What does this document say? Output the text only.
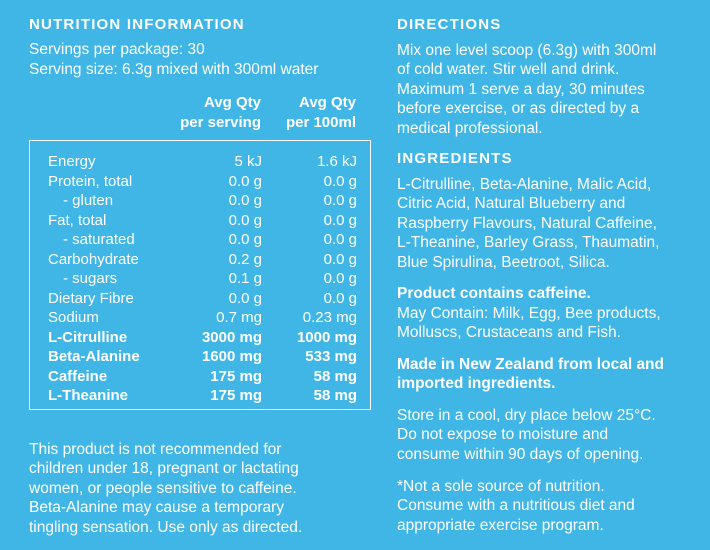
NUTRITION INFORMATION
Servings per package: 30
Serving size: 6.3g mixed with 300ml water
Avg Qty
per serving
Avg Qty
per 100ml
Energy	5 kJ	1.6 kJ
Protein, total	0.0 g	0.0 g
- gluten	0.0 g	0.0 g
Fat, total	0.0 g	0.0 g
- saturated	0.0 g	0.0 g
Carbohydrate	0.2 g	0.0 g
- sugars	0.1 g	0.0 g
Dietary Fibre	0.0 g	0.0 g
Sodium	0.7 mg	0.23 mg
L-Citrulline	3000 mg 1000 mg
Beta-Alanine	1600 mg	533 mg
Caffeine	175 mg	58 mg
L-Theanine	175 mg	58 mg
This product is not recommended for
children under 18, pregnant or lactating
women, or people sensitive to caffeine.
Beta-Alanine may cause a temporary
tingling sensation. Use only as directed.
DIRECTIONS
Mix one level scoop (6.3g) with 300ml
of cold water. Stir well and drink.
Maximum 1 serve a day, 30 minutes
before exercise, or as directed by a
medical professional.
INGREDIENTS
L-Citrulline, Beta-Alanine, Malic Acid,
Citric Acid, Natural Blueberry and
Raspberry Flavours, Natural Caffeine,
L-Theanine, Barley Grass, Thaumatin,
Blue Spirulina, Beetroot, Silica.
Product contains caffeine.
May Contain: Milk, Egg, Bee products,
Molluscs, Crustaceans and Fish.
Made in New Zealand from local and
imported ingredients.
Store in a cool, dry place below 25°C.
Do not expose to moisture and
consume within 90 days of opening.
*Not a sole source of nutrition.
Consume with a nutritious diet and
appropriate exercise program.
